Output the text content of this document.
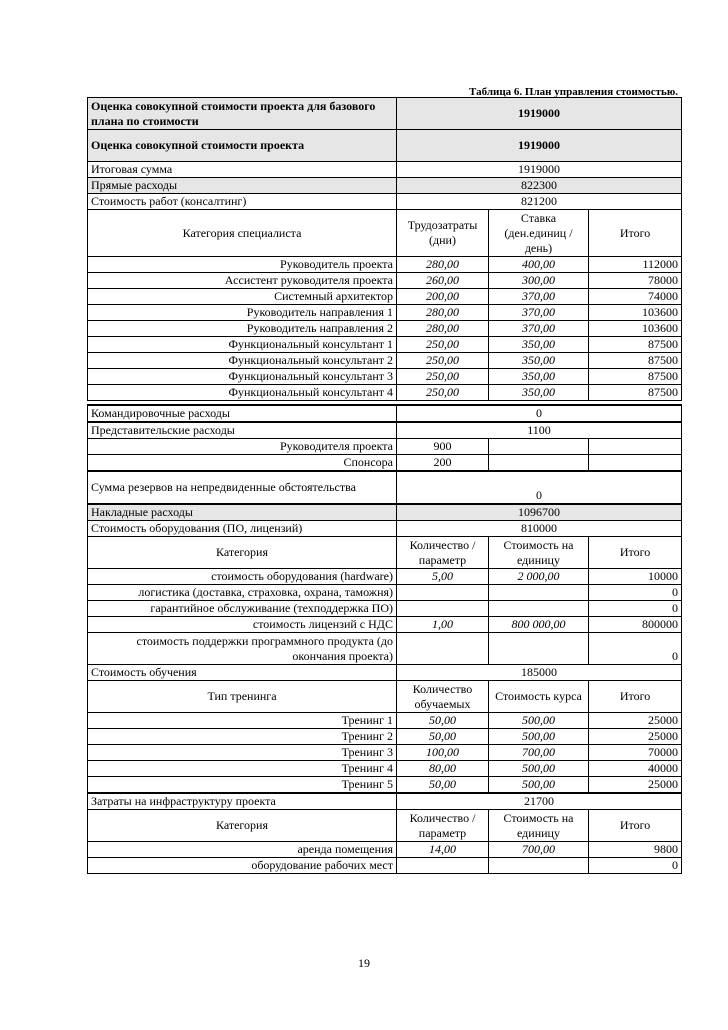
Таблица 6. План управления стоимостью.
Оценка совокупной стоимости проекта для базового плана по стоимости	1919000		
Оценка совокупной стоимости проекта	1919000		
Итоговая сумма	1919000		
Прямые расходы	822300		
Стоимость работ (консалтинг)	821200		
Категория специалиста	Трудозатраты (дни)	Ставка (ден.единиц / день)	Итого
Руководитель проекта	280,00	400,00	112000
Ассистент руководителя проекта	260,00	300,00	78000
Системный архитектор	200,00	370,00	74000
Руководитель направления 1	280,00	370,00	103600
Руководитель направления 2	280,00	370,00	103600
Функциональный консультант 1	250,00	350,00	87500
Функциональный консультант 2	250,00	350,00	87500
Функциональный консультант 3	250,00	350,00	87500
Функциональный консультант 4	250,00	350,00	87500

Командировочные расходы	0		

Представительские расходы	1100		
Руководителя проекта	900		
Спонсора	200		

Сумма резервов на непредвиденные обстоятельства	0		

Накладные расходы	1096700		
Стоимость оборудования (ПО, лицензий)	810000		
Категория	Количество / параметр	Стоимость на единицу	Итого
стоимость оборудования (hardware)	5,00	2 000,00	10000
логистика (доставка, страховка, охрана, таможня)			0
гарантийное обслуживание (техподдержка ПО)			0
стоимость лицензий с НДС	1,00	800 000,00	800000
стоимость поддержки программного продукта (до окончания проекта)			0
Стоимость обучения	185000		
Тип тренинга	Количество обучаемых	Стоимость курса	Итого
Тренинг 1	50,00	500,00	25000
Тренинг 2	50,00	500,00	25000
Тренинг 3	100,00	700,00	70000
Тренинг 4	80,00	500,00	40000
Тренинг 5	50,00	500,00	25000

Затраты на инфраструктуру проекта	21700		
Категория	Количество / параметр	Стоимость на единицу	Итого
аренда помещения	14,00	700,00	9800
оборудование рабочих мест			0
19
